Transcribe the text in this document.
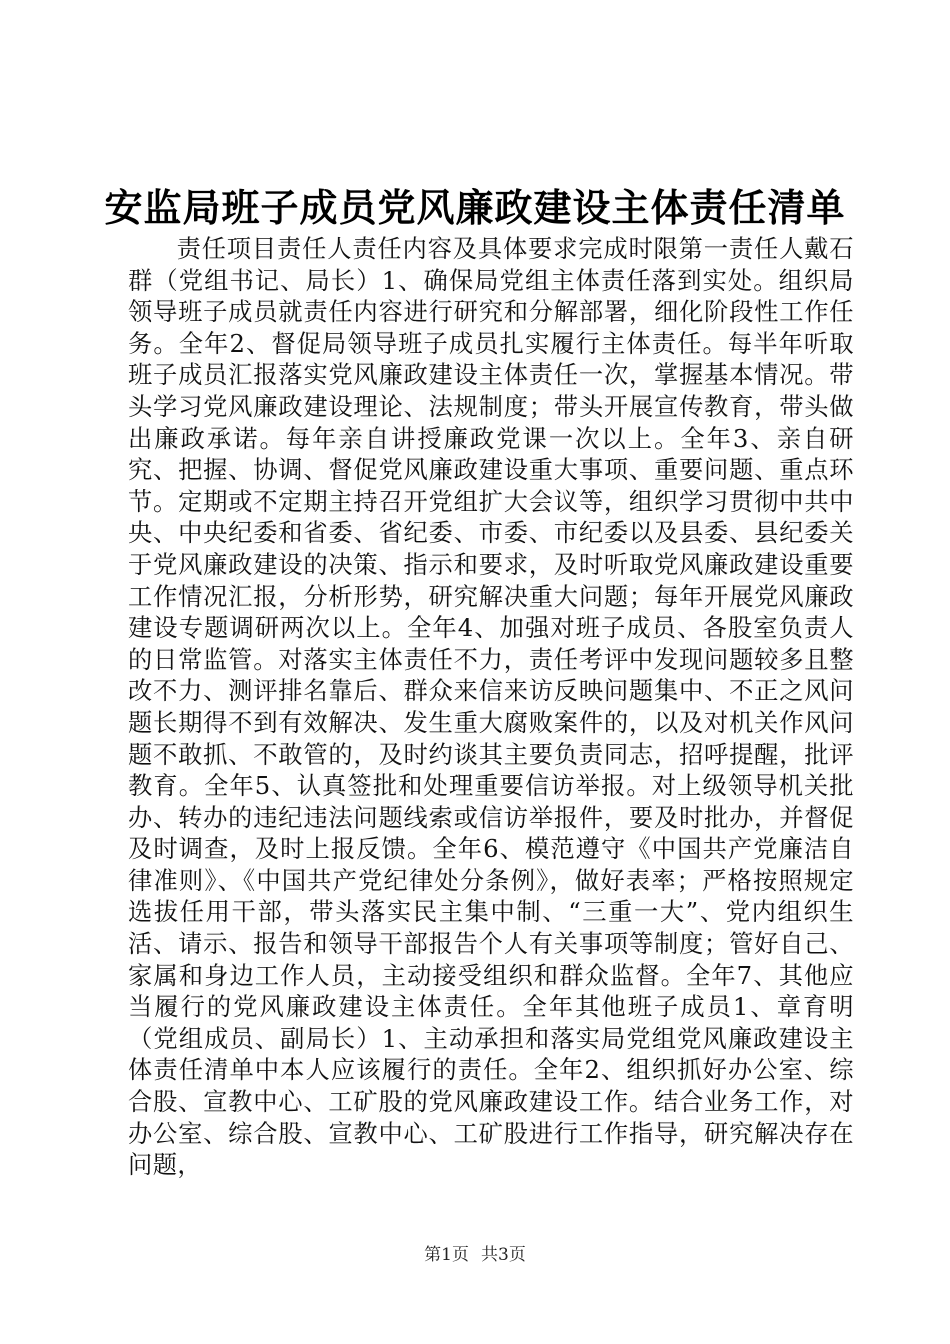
安监局班子成员党风廉政建设主体责任清单

责任项目责任人责任内容及具体要求完成时限第一责任人戴石群（党组书记、局长）1、确保局党组主体责任落到实处。组织局领导班子成员就责任内容进行研究和分解部署，细化阶段性工作任务。全年2、督促局领导班子成员扎实履行主体责任。每半年听取班子成员汇报落实党风廉政建设主体责任一次，掌握基本情况。带头学习党风廉政建设理论、法规制度；带头开展宣传教育，带头做出廉政承诺。每年亲自讲授廉政党课一次以上。全年3、亲自研究、把握、协调、督促党风廉政建设重大事项、重要问题、重点环节。定期或不定期主持召开党组扩大会议等，组织学习贯彻中共中央、中央纪委和省委、省纪委、市委、市纪委以及县委、县纪委关于党风廉政建设的决策、指示和要求，及时听取党风廉政建设重要工作情况汇报，分析形势，研究解决重大问题；每年开展党风廉政建设专题调研两次以上。全年4、加强对班子成员、各股室负责人的日常监管。对落实主体责任不力，责任考评中发现问题较多且整改不力、测评排名靠后、群众来信来访反映问题集中、不正之风问题长期得不到有效解决、发生重大腐败案件的，以及对机关作风问题不敢抓、不敢管的，及时约谈其主要负责同志，招呼提醒，批评教育。全年5、认真签批和处理重要信访举报。对上级领导机关批办、转办的违纪违法问题线索或信访举报件，要及时批办，并督促及时调查，及时上报反馈。全年6、模范遵守《中国共产党廉洁自律准则》、《中国共产党纪律处分条例》，做好表率；严格按照规定选拔任用干部，带头落实民主集中制、“三重一大”、党内组织生活、请示、报告和领导干部报告个人有关事项等制度；管好自己、家属和身边工作人员，主动接受组织和群众监督。全年7、其他应当履行的党风廉政建设主体责任。全年其他班子成员1、章育明（党组成员、副局长）1、主动承担和落实局党组党风廉政建设主体责任清单中本人应该履行的责任。全年2、组织抓好办公室、综合股、宣教中心、工矿股的党风廉政建设工作。结合业务工作，对办公室、综合股、宣教中心、工矿股进行工作指导，研究解决存在问题，

第1页 共3页
